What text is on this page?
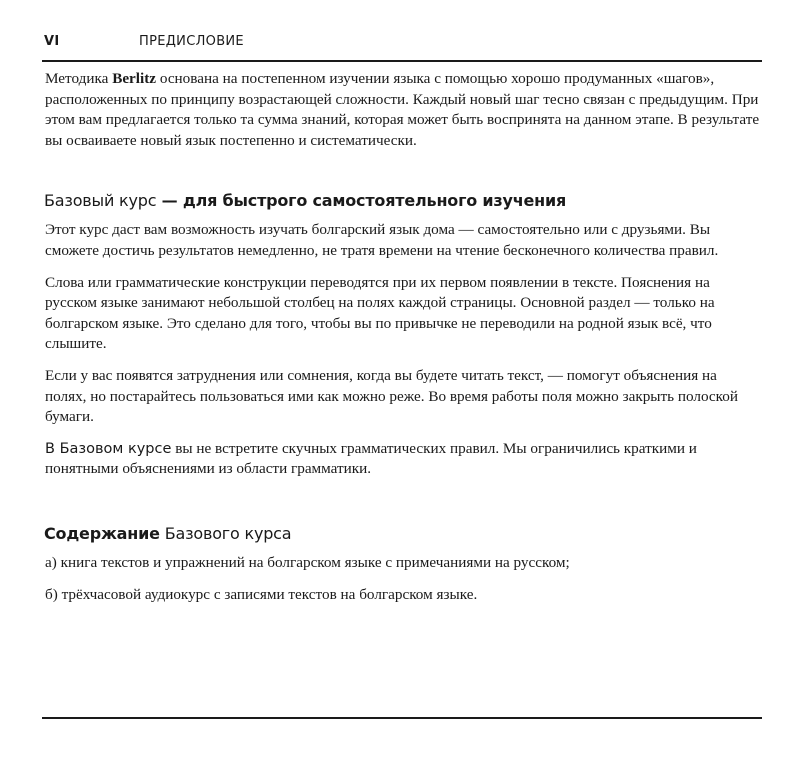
VI	ПРЕДИСЛОВИЕ

Методика Berlitz основана на постепенном изучении языка с помощью хорошо продуманных «шагов», расположенных по принципу возрастающей сложности. Каждый новый шаг тесно связан с предыдущим. При этом вам предлагается только та сумма знаний, которая может быть воспринята на данном этапе. В результате вы осваиваете новый язык постепенно и систематически.

Базовый курс — для быстрого самостоятельного изучения

Этот курс даст вам возможность изучать болгарский язык дома — самостоятельно или с друзьями. Вы сможете достичь результатов немедленно, не тратя времени на чтение бесконечного количества правил.

Слова или грамматические конструкции переводятся при их первом появлении в тексте. Пояснения на русском языке занимают небольшой столбец на полях каждой страницы. Основной раздел — только на болгарском языке. Это сделано для того, чтобы вы по привычке не переводили на родной язык всё, что слышите.

Если у вас появятся затруднения или сомнения, когда вы будете читать текст, — помогут объяснения на полях, но постарайтесь пользоваться ими как можно реже. Во время работы поля можно закрыть полоской бумаги.

В Базовом курсе вы не встретите скучных грамматических правил. Мы ограничились краткими и понятными объяснениями из области грамматики.

Содержание Базового курса

а) книга текстов и упражнений на болгарском языке с примечаниями на русском;

б) трёхчасовой аудиокурс с записями текстов на болгарском языке.
